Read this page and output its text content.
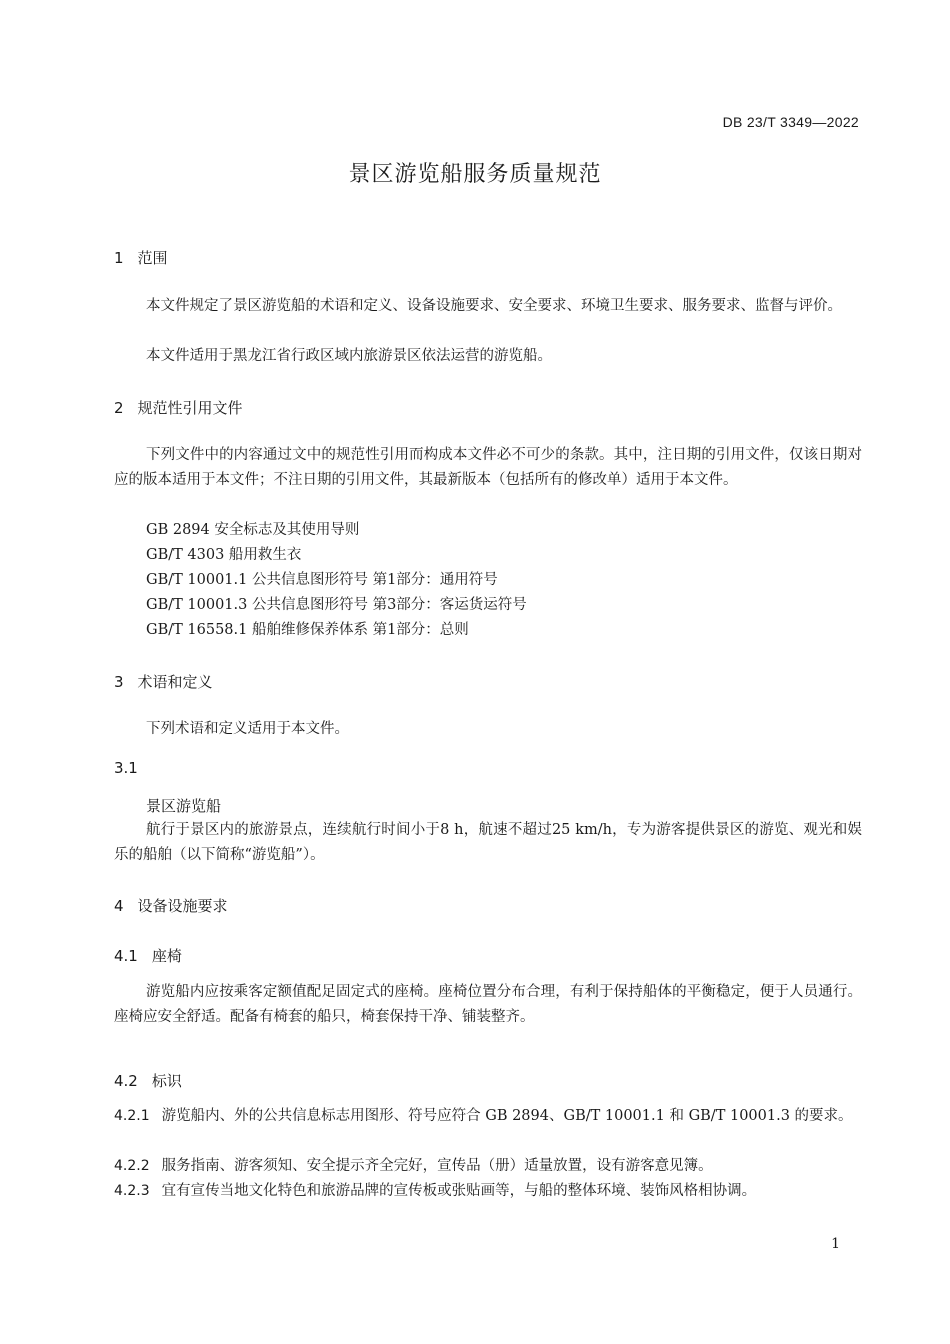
DB 23/T 3349—2022
景区游览船服务质量规范
1 范围
本文件规定了景区游览船的术语和定义、设备设施要求、安全要求、环境卫生要求、服务要求、监督与评价。
本文件适用于黑龙江省行政区域内旅游景区依法运营的游览船。
2 规范性引用文件
下列文件中的内容通过文中的规范性引用而构成本文件必不可少的条款。其中，注日期的引用文件，仅该日期对应的版本适用于本文件；不注日期的引用文件，其最新版本（包括所有的修改单）适用于本文件。
GB 2894 安全标志及其使用导则
GB/T 4303 船用救生衣
GB/T 10001.1 公共信息图形符号 第1部分：通用符号
GB/T 10001.3 公共信息图形符号 第3部分：客运货运符号
GB/T 16558.1 船舶维修保养体系 第1部分：总则
3 术语和定义
下列术语和定义适用于本文件。
3.1
景区游览船
航行于景区内的旅游景点，连续航行时间小于8 h，航速不超过25 km/h，专为游客提供景区的游览、观光和娱乐的船舶（以下简称“游览船”）。
4 设备设施要求
4.1 座椅
游览船内应按乘客定额值配足固定式的座椅。座椅位置分布合理，有利于保持船体的平衡稳定，便于人员通行。座椅应安全舒适。配备有椅套的船只，椅套保持干净、铺装整齐。
4.2 标识
4.2.1 游览船内、外的公共信息标志用图形、符号应符合 GB 2894、GB/T 10001.1 和 GB/T 10001.3 的要求。
4.2.2 服务指南、游客须知、安全提示齐全完好，宣传品（册）适量放置，设有游客意见簿。
4.2.3 宜有宣传当地文化特色和旅游品牌的宣传板或张贴画等，与船的整体环境、装饰风格相协调。
1
